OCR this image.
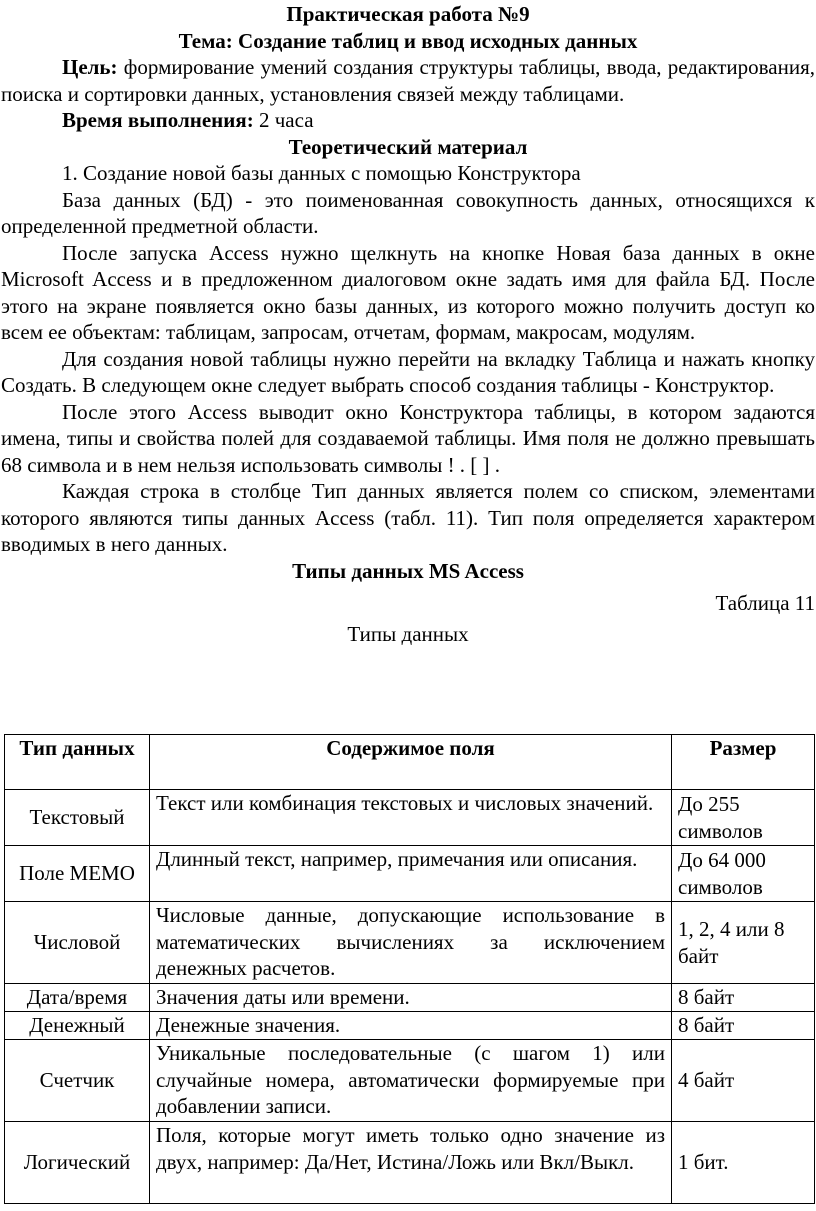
Практическая работа №9

Тема: Создание таблиц и ввод исходных данных

Цель: формирование умений создания структуры таблицы, ввода, редактирования, поиска и сортировки данных, установления связей между таблицами.

Время выполнения: 2 часа

Теоретический материал

1. Создание новой базы данных с помощью Конструктора

База данных (БД) - это поименованная совокупность данных, относящихся к определенной предметной области.

После запуска Access нужно щелкнуть на кнопке Новая база данных в окне Microsoft Access и в предложенном диалоговом окне задать имя для файла БД. После этого на экране появляется окно базы данных, из которого можно получить доступ ко всем ее объектам: таблицам, запросам, отчетам, формам, макросам, модулям.

Для создания новой таблицы нужно перейти на вкладку Таблица и нажать кнопку Создать. В следующем окне следует выбрать способ создания таблицы - Конструктор.

После этого Access выводит окно Конструктора таблицы, в котором задаются имена, типы и свойства полей для создаваемой таблицы. Имя поля не должно превышать 68 символа и в нем нельзя использовать символы ! . [ ] .

Каждая строка в столбце Тип данных является полем со списком, элементами которого являются типы данных Access (табл. 11). Тип поля определяется характером вводимых в него данных.

Типы данных MS Access

Таблица 11

Типы данных

Тип данных	Содержимое поля	Размер
Текстовый	Текст или комбинация текстовых и числовых значений.	До 255 символов
Поле MEMO	Длинный текст, например, примечания или описания.	До 64 000 символов
Числовой	Числовые данные, допускающие использование в математических вычислениях за исключением денежных расчетов.	1, 2, 4 или 8 байт
Дата/время	Значения даты или времени.	8 байт
Денежный	Денежные значения.	8 байт
Счетчик	Уникальные последовательные (с шагом 1) или случайные номера, автоматически формируемые при добавлении записи.	4 байт
Логический	Поля, которые могут иметь только одно значение из двух, например: Да/Нет, Истина/Ложь или Вкл/Выкл.	1 бит.
